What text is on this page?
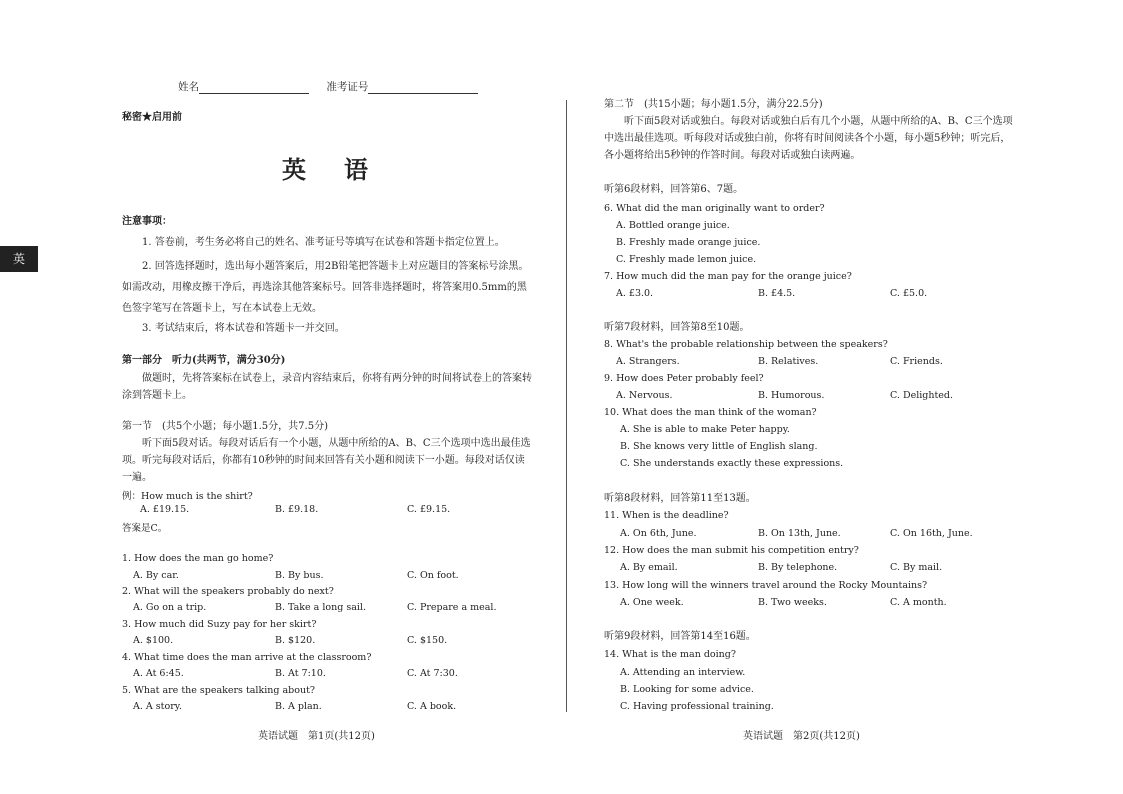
英
姓名	准考证号
秘密★启用前
英语
注意事项：
1. 答卷前，考生务必将自己的姓名、准考证号等填写在试卷和答题卡指定位置上。
2. 回答选择题时，选出每小题答案后，用2B铅笔把答题卡上对应题目的答案标号涂黑。如需改动，用橡皮擦干净后，再选涂其他答案标号。回答非选择题时，将答案用0.5mm的黑色签字笔写在答题卡上，写在本试卷上无效。
3. 考试结束后，将本试卷和答题卡一并交回。
第一部分　听力(共两节，满分30分)
做题时，先将答案标在试卷上，录音内容结束后，你将有两分钟的时间将试卷上的答案转涂到答题卡上。
第一节　(共5个小题；每小题1.5分，共7.5分)
听下面5段对话。每段对话后有一个小题，从题中所给的A、B、C三个选项中选出最佳选项。听完每段对话后，你都有10秒钟的时间来回答有关小题和阅读下一小题。每段对话仅读一遍。
例：How much is the shirt?
A. £19.15.	B. £9.18.	C. £9.15.
答案是C。
1. How does the man go home?
A. By car.	B. By bus.	C. On foot.
2. What will the speakers probably do next?
A. Go on a trip.	B. Take a long sail.	C. Prepare a meal.
3. How much did Suzy pay for her skirt?
A. $100.	B. $120.	C. $150.
4. What time does the man arrive at the classroom?
A. At 6:45.	B. At 7:10.	C. At 7:30.
5. What are the speakers talking about?
A. A story.	B. A plan.	C. A book.
英语试题　第1页(共12页)
第二节　(共15小题；每小题1.5分，满分22.5分)
听下面5段对话或独白。每段对话或独白后有几个小题，从题中所给的A、B、C三个选项中选出最佳选项。听每段对话或独白前，你将有时间阅读各个小题，每小题5秒钟；听完后，各小题将给出5秒钟的作答时间。每段对话或独白读两遍。
听第6段材料，回答第6、7题。
6. What did the man originally want to order?
A. Bottled orange juice.
B. Freshly made orange juice.
C. Freshly made lemon juice.
7. How much did the man pay for the orange juice?
A. £3.0.	B. £4.5.	C. £5.0.
听第7段材料，回答第8至10题。
8. What's the probable relationship between the speakers?
A. Strangers.	B. Relatives.	C. Friends.
9. How does Peter probably feel?
A. Nervous.	B. Humorous.	C. Delighted.
10. What does the man think of the woman?
A. She is able to make Peter happy.
B. She knows very little of English slang.
C. She understands exactly these expressions.
听第8段材料，回答第11至13题。
11. When is the deadline?
A. On 6th, June.	B. On 13th, June.	C. On 16th, June.
12. How does the man submit his competition entry?
A. By email.	B. By telephone.	C. By mail.
13. How long will the winners travel around the Rocky Mountains?
A. One week.	B. Two weeks.	C. A month.
听第9段材料，回答第14至16题。
14. What is the man doing?
A. Attending an interview.
B. Looking for some advice.
C. Having professional training.
英语试题　第2页(共12页)
